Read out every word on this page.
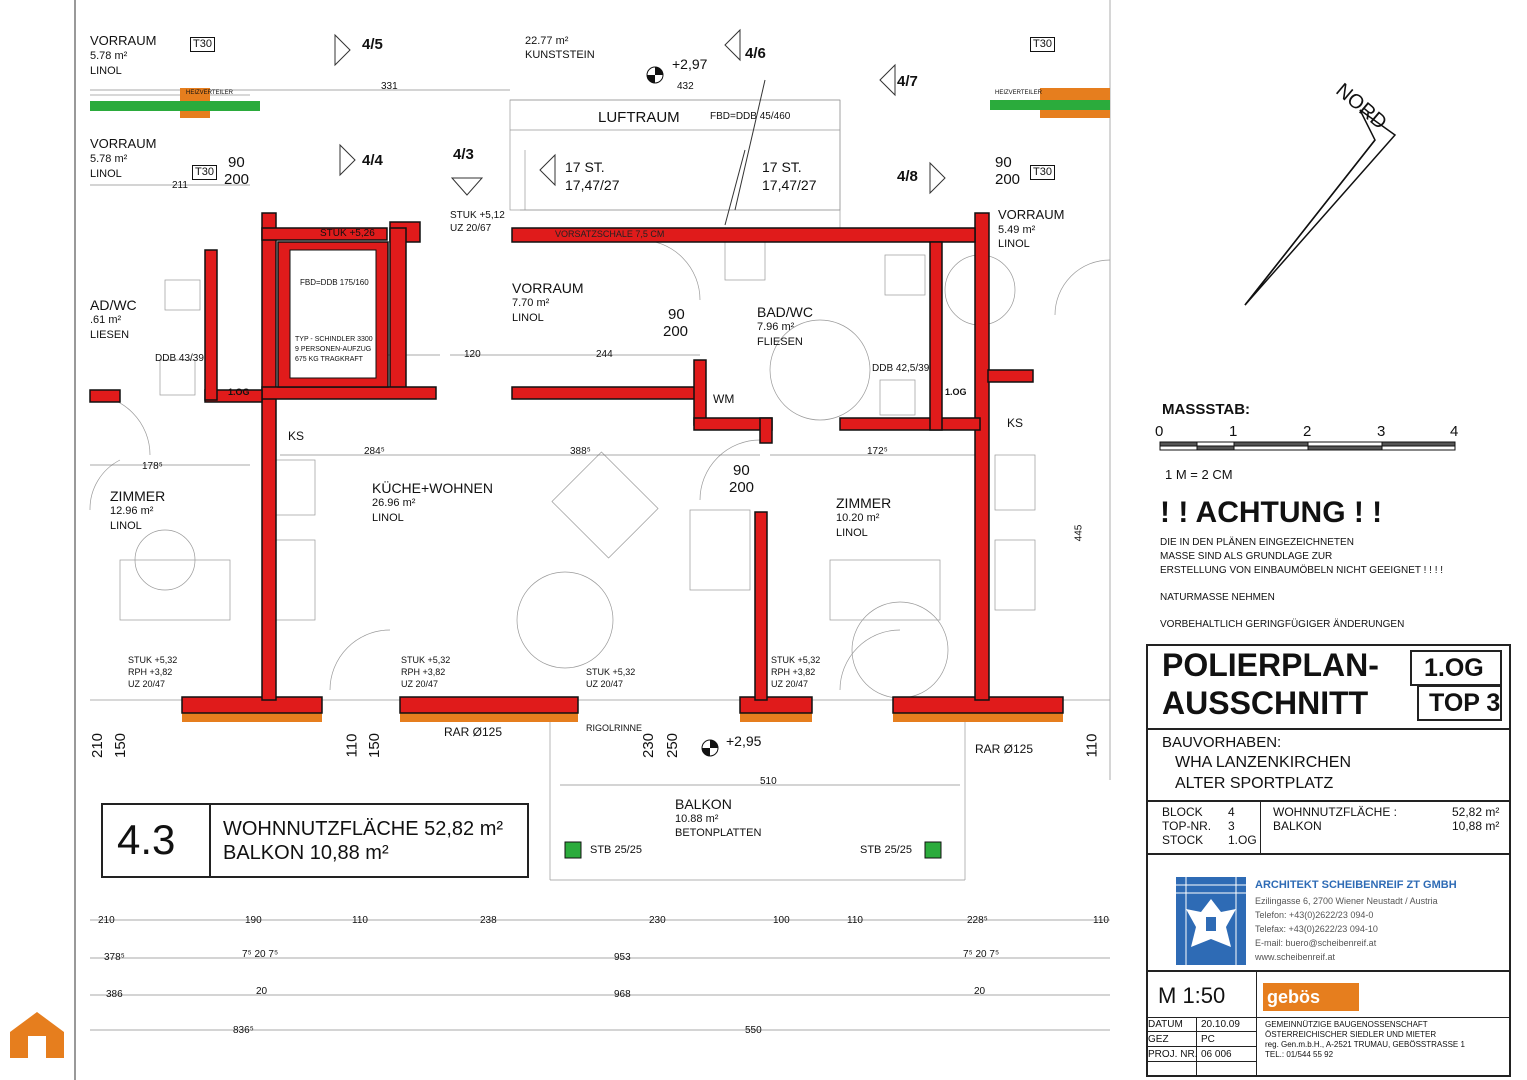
VORRAUM
5.78 m²
LINOL
VORRAUM
5.78 m²
LINOL
22.77 m²
KUNSTSTEIN
LUFTRAUM	FBD=DDB 45/460
VORRAUM
5.49 m²
LINOL
AD/WC
.61 m²
LIESEN
VORRAUM
7.70 m²
LINOL	BAD/WC
7.96 m²
FLIESEN
ZIMMER
12.96 m²
LINOL
KÜCHE+WOHNEN
26.96 m²
LINOL
ZIMMER
10.20 m²
LINOL
BALKON
10.88 m²
BETONPLATTEN
4/5
4/6
4/7
4/4	4/3
4/8
+2,97
+2,95
17 ST.
17,47/27
17 ST.
17,47/27
VORSATZSCHALE 7,5 CM
FBD=DDB 175/160
TYP - SCHINDLER 3300
9 PERSONEN-AUFZUG
675 KG TRAGKRAFT
STUK +5,26
STUK +5,12
UZ 20/67
WM
KS
KS
DDB 43/39
DDB 42,5/39
1.OG	1.OG
RAR Ø125
RAR Ø125
RIGOLRINNE
STB 25/25	STB 25/25
STUK +5,32
RPH +3,82
UZ 20/47
STUK +5,32
RPH +3,82
UZ 20/47
STUK +5,32
UZ 20/47
STUK +5,32
RPH +3,82
UZ 20/47
HEIZVERTEILER	HEIZVERTEILER
T30
T30	T30
T30
NORD
90
200
90
200
90
200
90
200
331	432
211
120	244
284⁵	388⁵	172⁵
178⁵
510
445
210 150	110 150	230 250	110
210	190	110	238	230	100	110	228⁵	110
378⁵	7⁵ 20 7⁵	953	7⁵ 20 7⁵
386	20	968	20
836⁵	550
4.3 WOHNNUTZFLÄCHE 52,82 m²
BALKON 10,88 m²
MASSSTAB:
0	1	2	3	4
1 M = 2 CM
! ! ACHTUNG ! !
DIE IN DEN PLÄNEN EINGEZEICHNETEN
MASSE SIND ALS GRUNDLAGE ZUR
ERSTELLUNG VON EINBAUMÖBELN NICHT GEEIGNET ! ! ! !
NATURMASSE NEHMEN
VORBEHALTLICH GERINGFÜGIGER ÄNDERUNGEN
POLIERPLAN-
AUSSCHNITT
1.OG
TOP 3
BAUVORHABEN:
WHA LANZENKIRCHEN
ALTER SPORTPLATZ
BLOCK 4
TOP-NR. 3
STOCK 1.OG
WOHNNUTZFLÄCHE :	52,82 m²
BALKON	10,88 m²
ARCHITEKT SCHEIBENREIF ZT GMBH
Ezilingasse 6, 2700 Wiener Neustadt / Austria
Telefon: +43(0)2622/23 094-0
Telefax: +43(0)2622/23 094-10
E-mail: buero@scheibenreif.at
www.scheibenreif.at
M 1:50
DATUM 20.10.09
GEZ	PC
PROJ. NR. 06 006
gebös
GEMEINNÜTZIGE BAUGENOSSENSCHAFT
ÖSTERREICHISCHER SIEDLER UND MIETER
reg. Gen.m.b.H., A-2521 TRUMAU, GEBÖSSTRASSE 1
TEL.: 01/544 55 92
